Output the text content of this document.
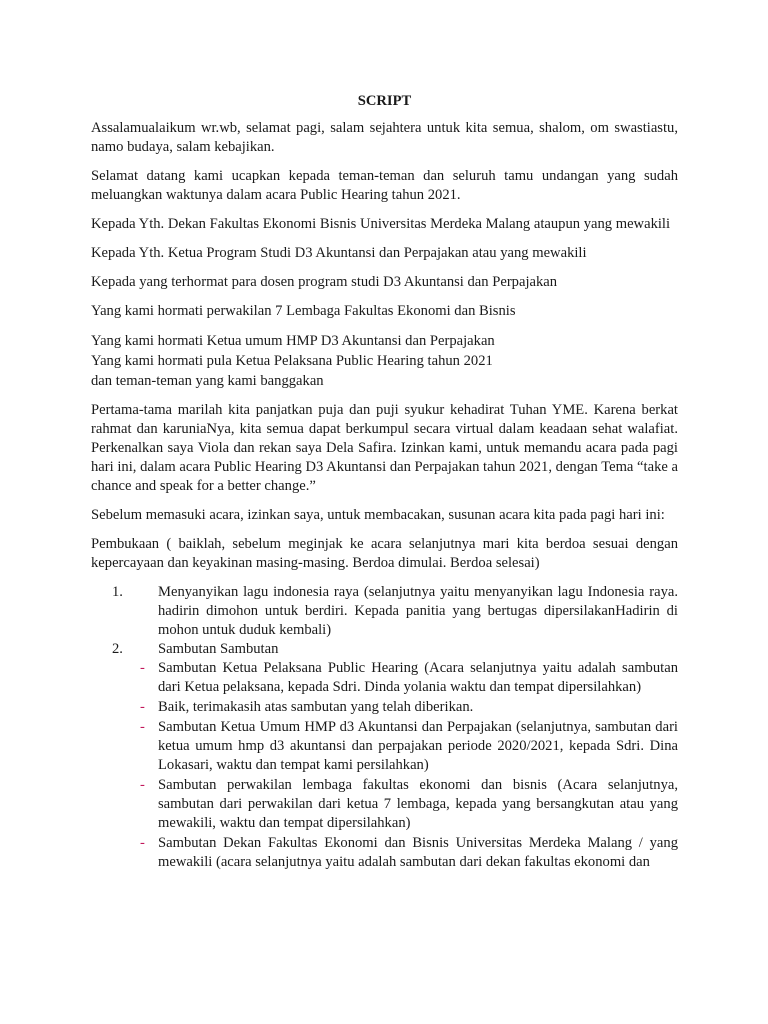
SCRIPT

Assalamualaikum wr.wb, selamat pagi, salam sejahtera untuk kita semua, shalom, om swastiastu, namo budaya, salam kebajikan.

Selamat datang kami ucapkan kepada teman-teman dan seluruh tamu undangan yang sudah meluangkan waktunya dalam acara Public Hearing tahun 2021.

Kepada Yth. Dekan Fakultas Ekonomi Bisnis Universitas Merdeka Malang ataupun yang mewakili

Kepada Yth. Ketua Program Studi D3 Akuntansi dan Perpajakan atau yang mewakili

Kepada yang terhormat para dosen program studi D3 Akuntansi dan Perpajakan

Yang kami hormati perwakilan 7 Lembaga Fakultas Ekonomi dan Bisnis

Yang kami hormati Ketua umum HMP D3 Akuntansi dan Perpajakan
Yang kami hormati pula Ketua Pelaksana Public Hearing tahun 2021
dan teman-teman yang kami banggakan

Pertama-tama marilah kita panjatkan puja dan puji syukur kehadirat Tuhan YME. Karena berkat rahmat dan karuniaNya, kita semua dapat berkumpul secara virtual dalam keadaan sehat walafiat. Perkenalkan saya Viola dan rekan saya Dela Safira. Izinkan kami, untuk memandu acara pada pagi hari ini, dalam acara Public Hearing D3 Akuntansi dan Perpajakan tahun 2021, dengan Tema “take a chance and speak for a better change.”

Sebelum memasuki acara, izinkan saya, untuk membacakan, susunan acara kita pada pagi hari ini:

Pembukaan ( baiklah, sebelum meginjak ke acara selanjutnya mari kita berdoa sesuai dengan kepercayaan dan keyakinan masing-masing. Berdoa dimulai. Berdoa selesai)

1. Menyanyikan lagu indonesia raya (selanjutnya yaitu menyanyikan lagu Indonesia raya. hadirin dimohon untuk berdiri. Kepada panitia yang bertugas dipersilakanHadirin di mohon untuk duduk kembali)
2. Sambutan Sambutan
- Sambutan Ketua Pelaksana Public Hearing (Acara selanjutnya yaitu adalah sambutan dari Ketua pelaksana, kepada Sdri. Dinda yolania waktu dan tempat dipersilahkan)
- Baik, terimakasih atas sambutan yang telah diberikan.
- Sambutan Ketua Umum HMP d3 Akuntansi dan Perpajakan (selanjutnya, sambutan dari ketua umum hmp d3 akuntansi dan perpajakan periode 2020/2021, kepada Sdri. Dina Lokasari, waktu dan tempat kami persilahkan)
- Sambutan perwakilan lembaga fakultas ekonomi dan bisnis (Acara selanjutnya, sambutan dari perwakilan dari ketua 7 lembaga, kepada yang bersangkutan atau yang mewakili, waktu dan tempat dipersilahkan)
- Sambutan Dekan Fakultas Ekonomi dan Bisnis Universitas Merdeka Malang / yang mewakili (acara selanjutnya yaitu adalah sambutan dari dekan fakultas ekonomi dan
